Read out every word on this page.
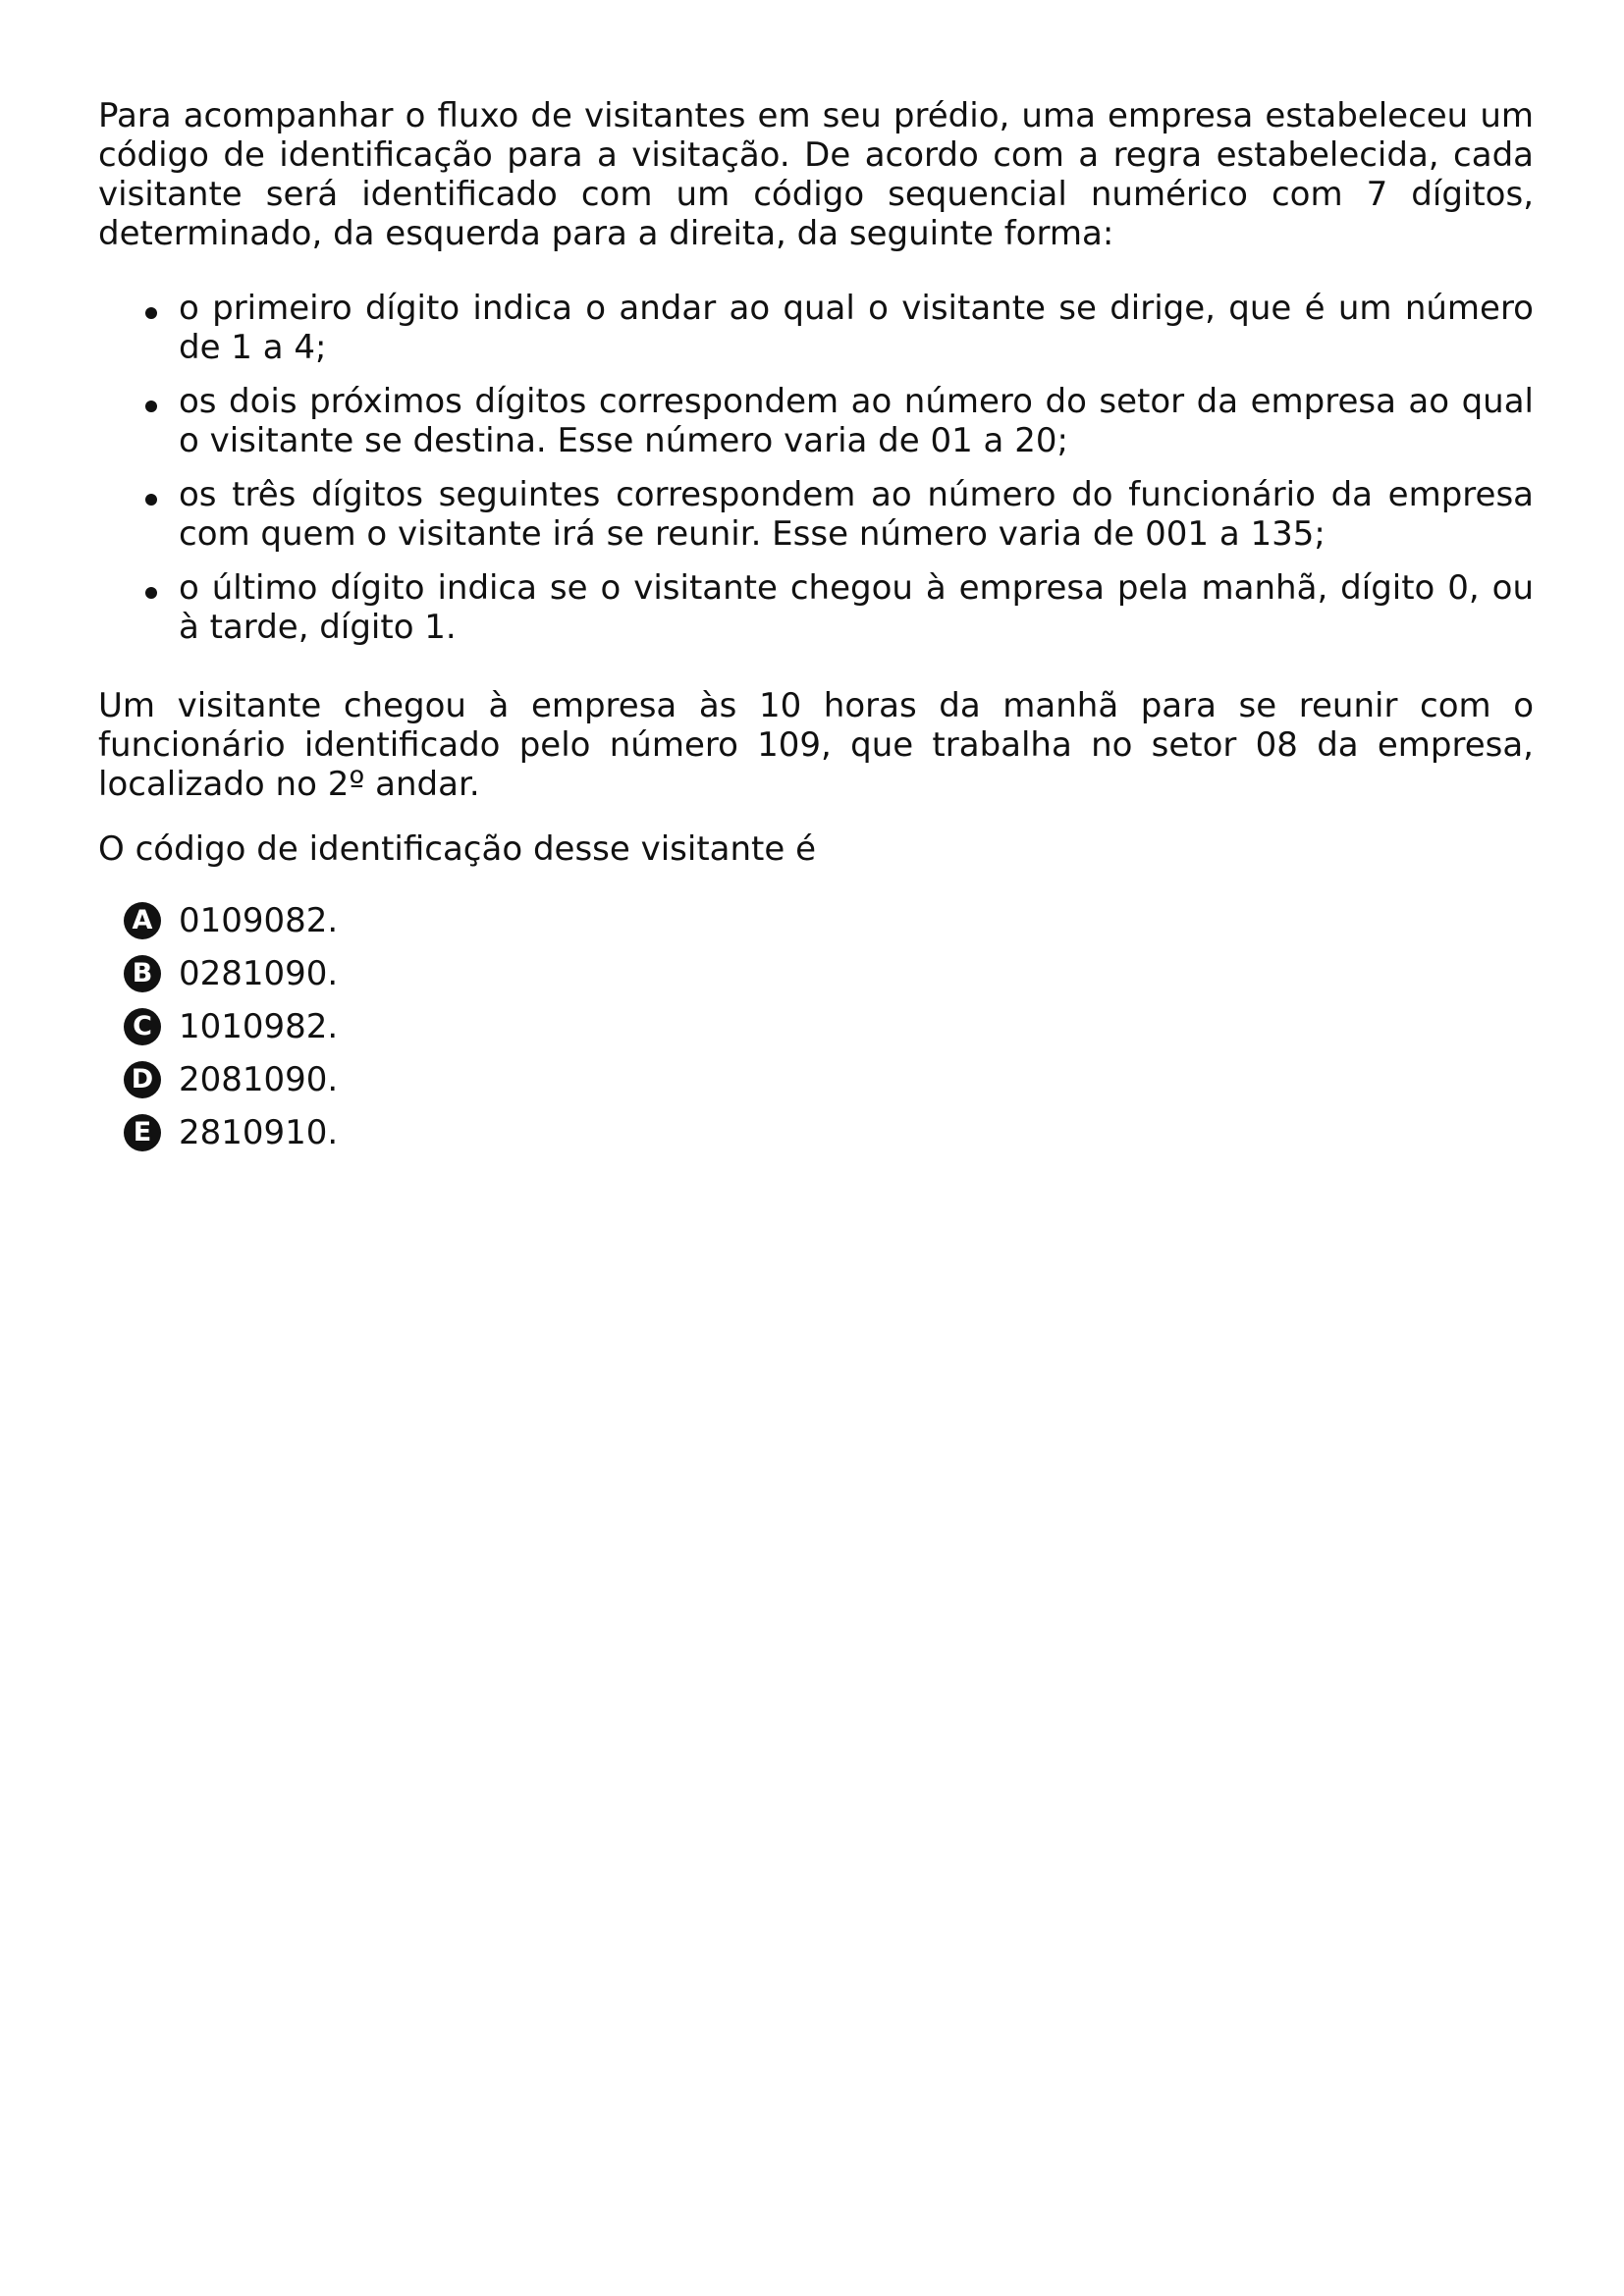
Para acompanhar o fluxo de visitantes em seu prédio, uma empresa estabeleceu um código de identificação para a visitação. De acordo com a regra estabelecida, cada visitante será identificado com um código sequencial numérico com 7 dígitos, determinado, da esquerda para a direita, da seguinte forma:

o primeiro dígito indica o andar ao qual o visitante se dirige, que é um número de 1 a 4;
os dois próximos dígitos correspondem ao número do setor da empresa ao qual o visitante se destina. Esse número varia de 01 a 20;
os três dígitos seguintes correspondem ao número do funcionário da empresa com quem o visitante irá se reunir. Esse número varia de 001 a 135;
o último dígito indica se o visitante chegou à empresa pela manhã, dígito 0, ou à tarde, dígito 1.

Um visitante chegou à empresa às 10 horas da manhã para se reunir com o funcionário identificado pelo número 109, que trabalha no setor 08 da empresa, localizado no 2º andar.

O código de identificação desse visitante é

A 0109082.
B 0281090.
C 1010982.
D 2081090.
E 2810910.
